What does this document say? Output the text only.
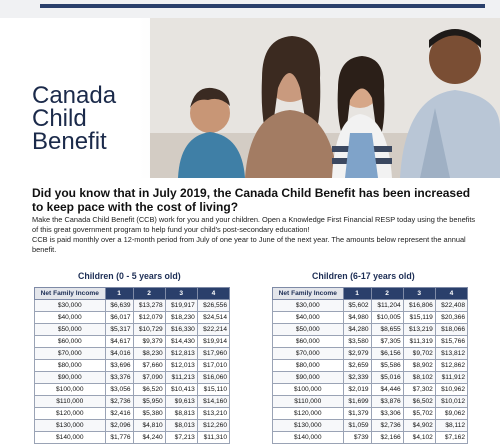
Canada
Child
Benefit
Did you know that in July 2019, the Canada Child Benefit has been increased to keep pace with the cost of living?
Make the Canada Child Benefit (CCB) work for you and your children. Open a Knowledge First Financial RESP today using the benefits of this great government program to help fund your child's post-secondary education!
CCB is paid monthly over a 12-month period from July of one year to June of the next year. The amounts below represent the annual benefit.
Children (0 - 5 years old)	Children (6-17 years old)
Net Family Income	1	2	3	4
$30,000	$6,639	$13,278	$19,917	$26,556
$40,000	$6,017	$12,079	$18,230	$24,514
$50,000	$5,317	$10,729	$16,330	$22,214
$60,000	$4,617	$9,379	$14,430	$19,914
$70,000	$4,016	$8,230	$12,813	$17,960
$80,000	$3,696	$7,660	$12,013	$17,010
$90,000	$3,376	$7,090	$11,213	$16,060
$100,000	$3,056	$6,520	$10,413	$15,110
$110,000	$2,736	$5,950	$9,613	$14,160
$120,000	$2,416	$5,380	$8,813	$13,210
$130,000	$2,096	$4,810	$8,013	$12,260
$140,000	$1,776	$4,240	$7,213	$11,310
Net Family Income	1	2	3	4
$30,000	$5,602	$11,204	$16,806	$22,408
$40,000	$4,980	$10,005	$15,119	$20,366
$50,000	$4,280	$8,655	$13,219	$18,066
$60,000	$3,580	$7,305	$11,319	$15,766
$70,000	$2,979	$6,156	$9,702	$13,812
$80,000	$2,659	$5,586	$8,902	$12,862
$90,000	$2,339	$5,016	$8,102	$11,912
$100,000	$2,019	$4,446	$7,302	$10,962
$110,000	$1,699	$3,876	$6,502	$10,012
$120,000	$1,379	$3,306	$5,702	$9,062
$130,000	$1,059	$2,736	$4,902	$8,112
$140,000	$739	$2,166	$4,102	$7,162
